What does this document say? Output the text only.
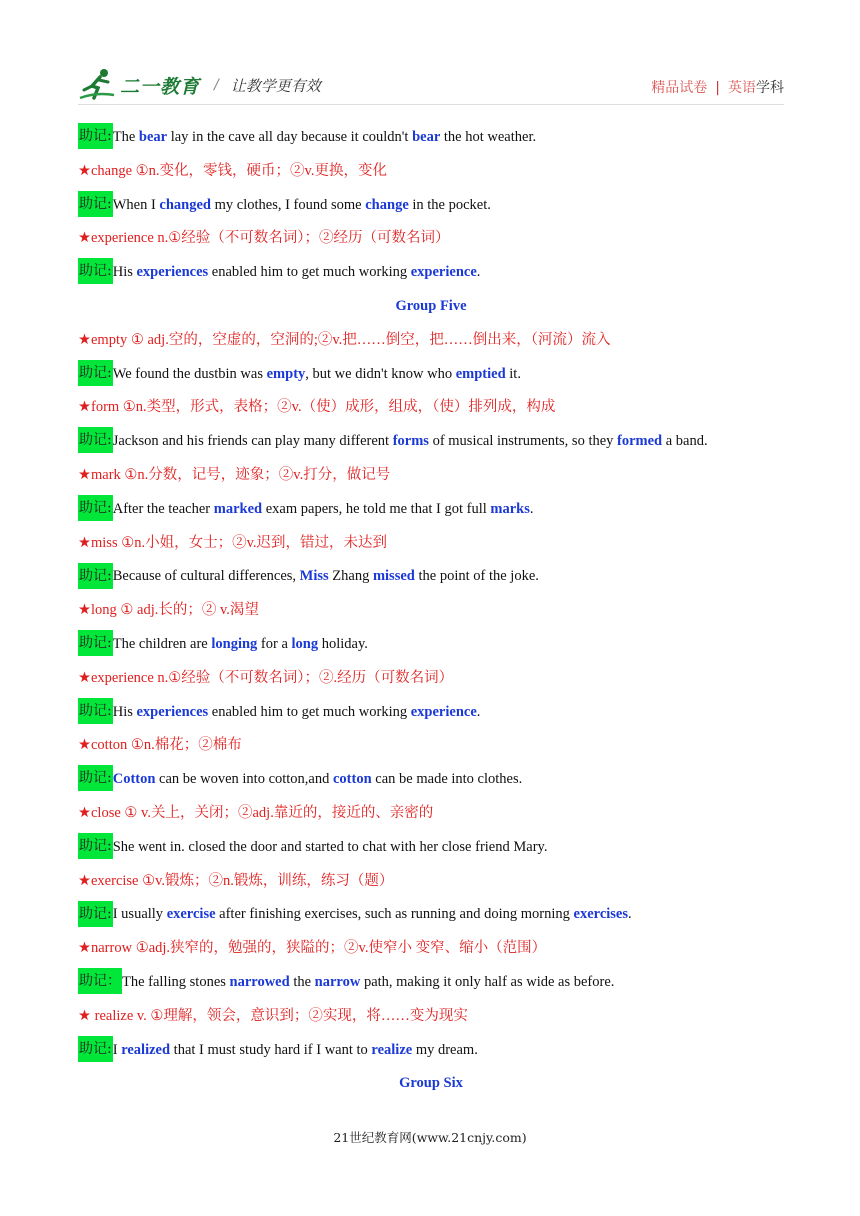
二一教育 / 让教学更有效	精品试卷 | 英语学科
助记:The bear lay in the cave all day because it couldn't bear the hot weather.
★change ①n.变化，零钱，硬币；②v.更换，变化
助记:When I changed my clothes, I found some change in the pocket.
★experience n.①经验（不可数名词）；②经历（可数名词）
助记:His experiences enabled him to get much working experience.
Group Five
★empty ① adj.空的，空虚的，空洞的;②v.把……倒空，把……倒出来，（河流）流入
助记:We found the dustbin was empty, but we didn't know who emptied it.
★form ①n.类型，形式，表格；②v.（使）成形，组成，（使）排列成，构成
助记:Jackson and his friends can play many different forms of musical instruments, so they formed a band.
★mark ①n.分数，记号，迹象；②v.打分，做记号
助记:After the teacher marked exam papers, he told me that I got full marks.
★miss ①n.小姐，女士；②v.迟到，错过，未达到
助记:Because of cultural differences, Miss Zhang missed the point of the joke.
★long ① adj.长的；② v.渴望
助记:The children are longing for a long holiday.
★experience n.①经验（不可数名词）；②.经历（可数名词）
助记:His experiences enabled him to get much working experience.
★cotton ①n.棉花；②棉布
助记:Cotton can be woven into cotton,and cotton can be made into clothes.
★close ① v.关上，关闭；②adj.靠近的，接近的、亲密的
助记:She went in. closed the door and started to chat with her close friend Mary.
★exercise ①v.锻炼；②n.锻炼，训练，练习（题）
助记:I usually exercise after finishing exercises, such as running and doing morning exercises.
★narrow ①adj.狭窄的，勉强的，狭隘的；②v.使窄小 变窄、缩小（范围）
助记：The falling stones narrowed the narrow path, making it only half as wide as before.
★ realize v. ①理解，领会，意识到；②实现，将……变为现实
助记:I realized that I must study hard if I want to realize my dream.
Group Six
21世纪教育网(www.21cnjy.com)
